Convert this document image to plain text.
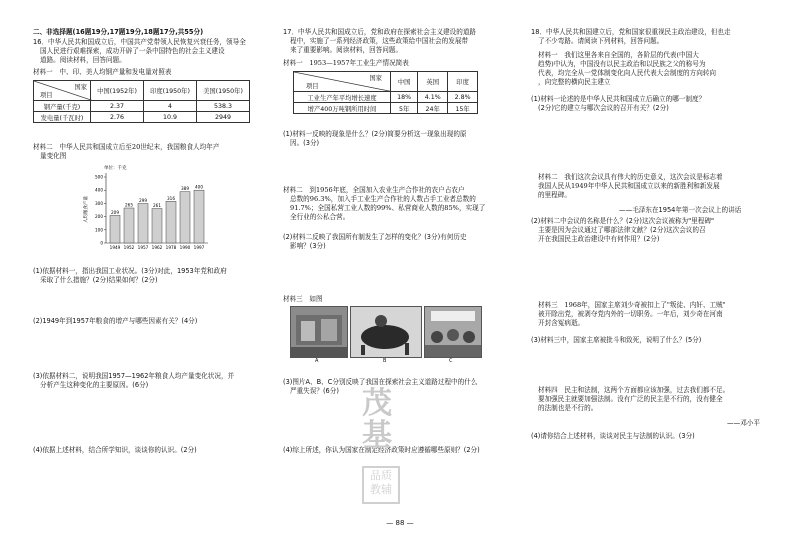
二、非选择题(16题19分,17题19分,18题17分,共55分)
16．中华人民共和国成立后，中国共产党带领人民恢复兴衰任务，领导全
国人民进行艰难探索，成功开辟了一条中国特色的社会主义建设
道路。阅读材料，回答问题。
材料一　中、印、美人均钢产量和发电量对照表
国家
项目	中国(1952年)	印度(1950年)	美国(1950年)
钢产量(千克)	2.37	4	538.3
发电量(千瓦时)	2.76	10.9	2949
材料二　中华人民共和国成立后至20世纪末，我国粮食人均年产
量变化图
单位：千克
人均粮食产量
500
400
300
200
100
0
209
1949
265
1952
299
1957
261
1962
316
1978
389
1990
400
1997
(1)依据材料一，指出我国工业状况。(3分)对此，1953年党和政府
采取了什么措施？(2分)结果如何？(2分)
(2)1949年到1957年粮食的增产与哪些因素有关？(4分)
(3)依据材料二，说明我国1957—1962年粮食人均产量变化状况，并
分析产生这种变化的主要原因。(6分)
(4)依据上述材料，结合所学知识，谈谈你的认识。(2分)
17．中华人民共和国成立后，党和政府在探索社会主义建设的道路
程中，实施了一系列经济政策，这些政策给中国社会的发展带
来了重要影响。阅读材料，回答问题。
材料一　1953—1957年工业生产情况简表
国家
项目	中国	英国	印度
工业生产年平均增长速度	18%	4.1%	2.8%
增产400万吨钢所用时间	5年	24年	15年
(1)材料一反映的现象是什么？(2分)简要分析这一现象出现的原
因。(3分)
材料二　到1956年底，全国加入农业生产合作社的农户占农户
总数的96.3%，加入手工业生产合作社的人数占手工业者总数的
91.7%；全国私营工业人数的99%、私营商业人数的85%，实现了
全行业的公私合营。
(2)材料二反映了我国所有制发生了怎样的变化？(3分)有何历史
影响？(3分)
材料三　如图
A	B	C
(3)图片A、B、C分别反映了我国在探索社会主义道路过程中的什么
严重失误？(6分)
(4)综上所述，你认为国家在制定经济政策时应遵循哪些原则？(2分)
茂
基
品质教辅
18．中华人民共和国建立后，党和国家很重视民主政治建设，但也走
了不少弯路。请阅读下列材料，回答问题。
材料一　我们这里各来自全国的，各阶层的代表(中国大
趋势)中认为，中国没有以民主政治和以民族之父的称号为
代表，均完全从一党体制变化向人民代表大会制度的方向转向
，向完整的横向民主建立
(1)材料一论述的是中华人民共和国成立后确立的哪一制度？
(2分)它的建立与哪次会议的召开有关？(2分)
材料二　我们这次会议具有伟大的历史意义，这次会议是标志着
我国人民从1949年中华人民共和国成立以来的新胜利和新发展
的里程碑。
——毛泽东在1954年第一次会议上的讲话
(2)材料二中会议的名称是什么？(2分)这次会议被称为"里程碑"
主要是因为会议通过了哪部法律文献？(2分)这次会议的召
开在我国民主政治建设中有何作用？(2分)
材料三　1968年，国家主席刘少奇被扣上了"叛徒、内奸、工贼"
被开除出党，被剥夺党内外的一切职务。一年后，刘少奇在河南
开封含冤病逝。
(3)材料三中，国家主席被批斗和致死，说明了什么？(5分)
材料四　民主和法制，这两个方面都应该加强，过去我们都不足。
要加强民主就要加强法制。没有广泛的民主是不行的，没有健全
的法制也是不行的。
——邓小平
(4)请你结合上述材料，谈谈对民主与法制的认识。(3分)
— 88 —
